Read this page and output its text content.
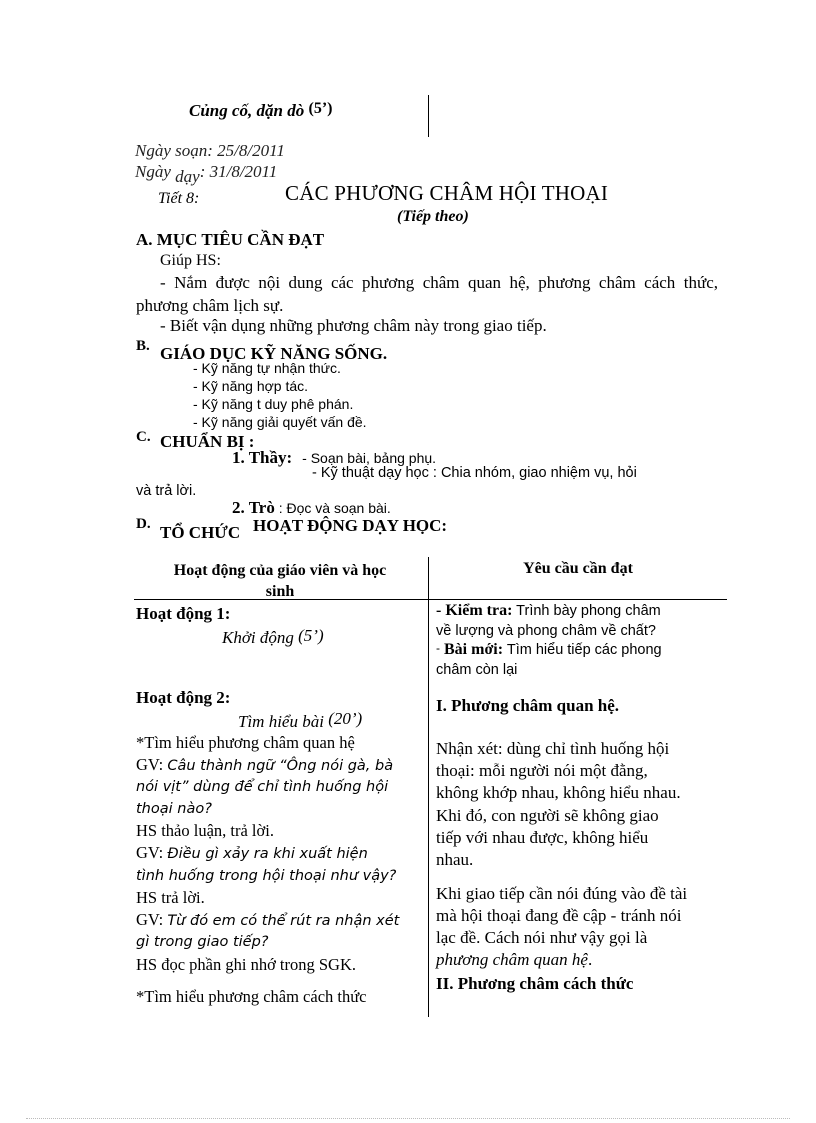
Củng cố, dặn dò (5’)
Ngày soạn: 25/8/2011
Ngày dạy: 31/8/2011
Tiết 8:	CÁC PHƯƠNG CHÂM HỘI THOẠI
(Tiếp theo)
A. MỤC TIÊU CẦN ĐẠT
Giúp HS:
- Nắm được nội dung các phương châm quan hệ, phương châm cách thức, phương châm lịch sự.
- Biết vận dụng những phương châm này trong giao tiếp.
B. GIÁO DỤC KỸ NĂNG SỐNG.
- Kỹ năng tự nhận thức.
- Kỹ năng hợp tác.
- Kỹ năng t duy phê phán.
- Kỹ năng giải quyết vấn đề.
C. CHUẨN BỊ :
1. Thầy: - Soạn bài, bảng phụ.
- Kỹ thuật dạy học : Chia nhóm, giao nhiệm vụ, hỏi
và trả lời.
2. Trò : Đọc và soạn bài.
D. TỔ CHỨC HOẠT ĐỘNG DẠY HỌC:
Hoạt động của giáo viên và học
sinh
Yêu cầu cần đạt
Hoạt động 1:
Khởi động (5’)
Hoạt động 2:
Tìm hiểu bài (20’)
*Tìm hiểu phương châm quan hệ
GV: Câu thành ngữ “Ông nói gà, bà
nói vịt” dùng để chỉ tình huống hội
thoại nào?
HS thảo luận, trả lời.
GV: Điều gì xảy ra khi xuất hiện
tình huống trong hội thoại như vậy?
HS trả lời.
GV: Từ đó em có thể rút ra nhận xét
gì trong giao tiếp?
HS đọc phần ghi nhớ trong SGK.
*Tìm hiểu phương châm cách thức
- Kiểm tra: Trình bày phong châm
về lượng và phong châm về chất?
- Bài mới: Tìm hiểu tiếp các phong
châm còn lại
I. Phương châm quan hệ.
Nhận xét: dùng chỉ tình huống hội
thoại: mỗi người nói một đằng,
không khớp nhau, không hiểu nhau.
Khi đó, con người sẽ không giao
tiếp với nhau được, không hiểu
nhau.
Khi giao tiếp cần nói đúng vào đề tài
mà hội thoại đang đề cập - tránh nói
lạc đề. Cách nói như vậy gọi là
phương châm quan hệ.
II. Phương châm cách thức
